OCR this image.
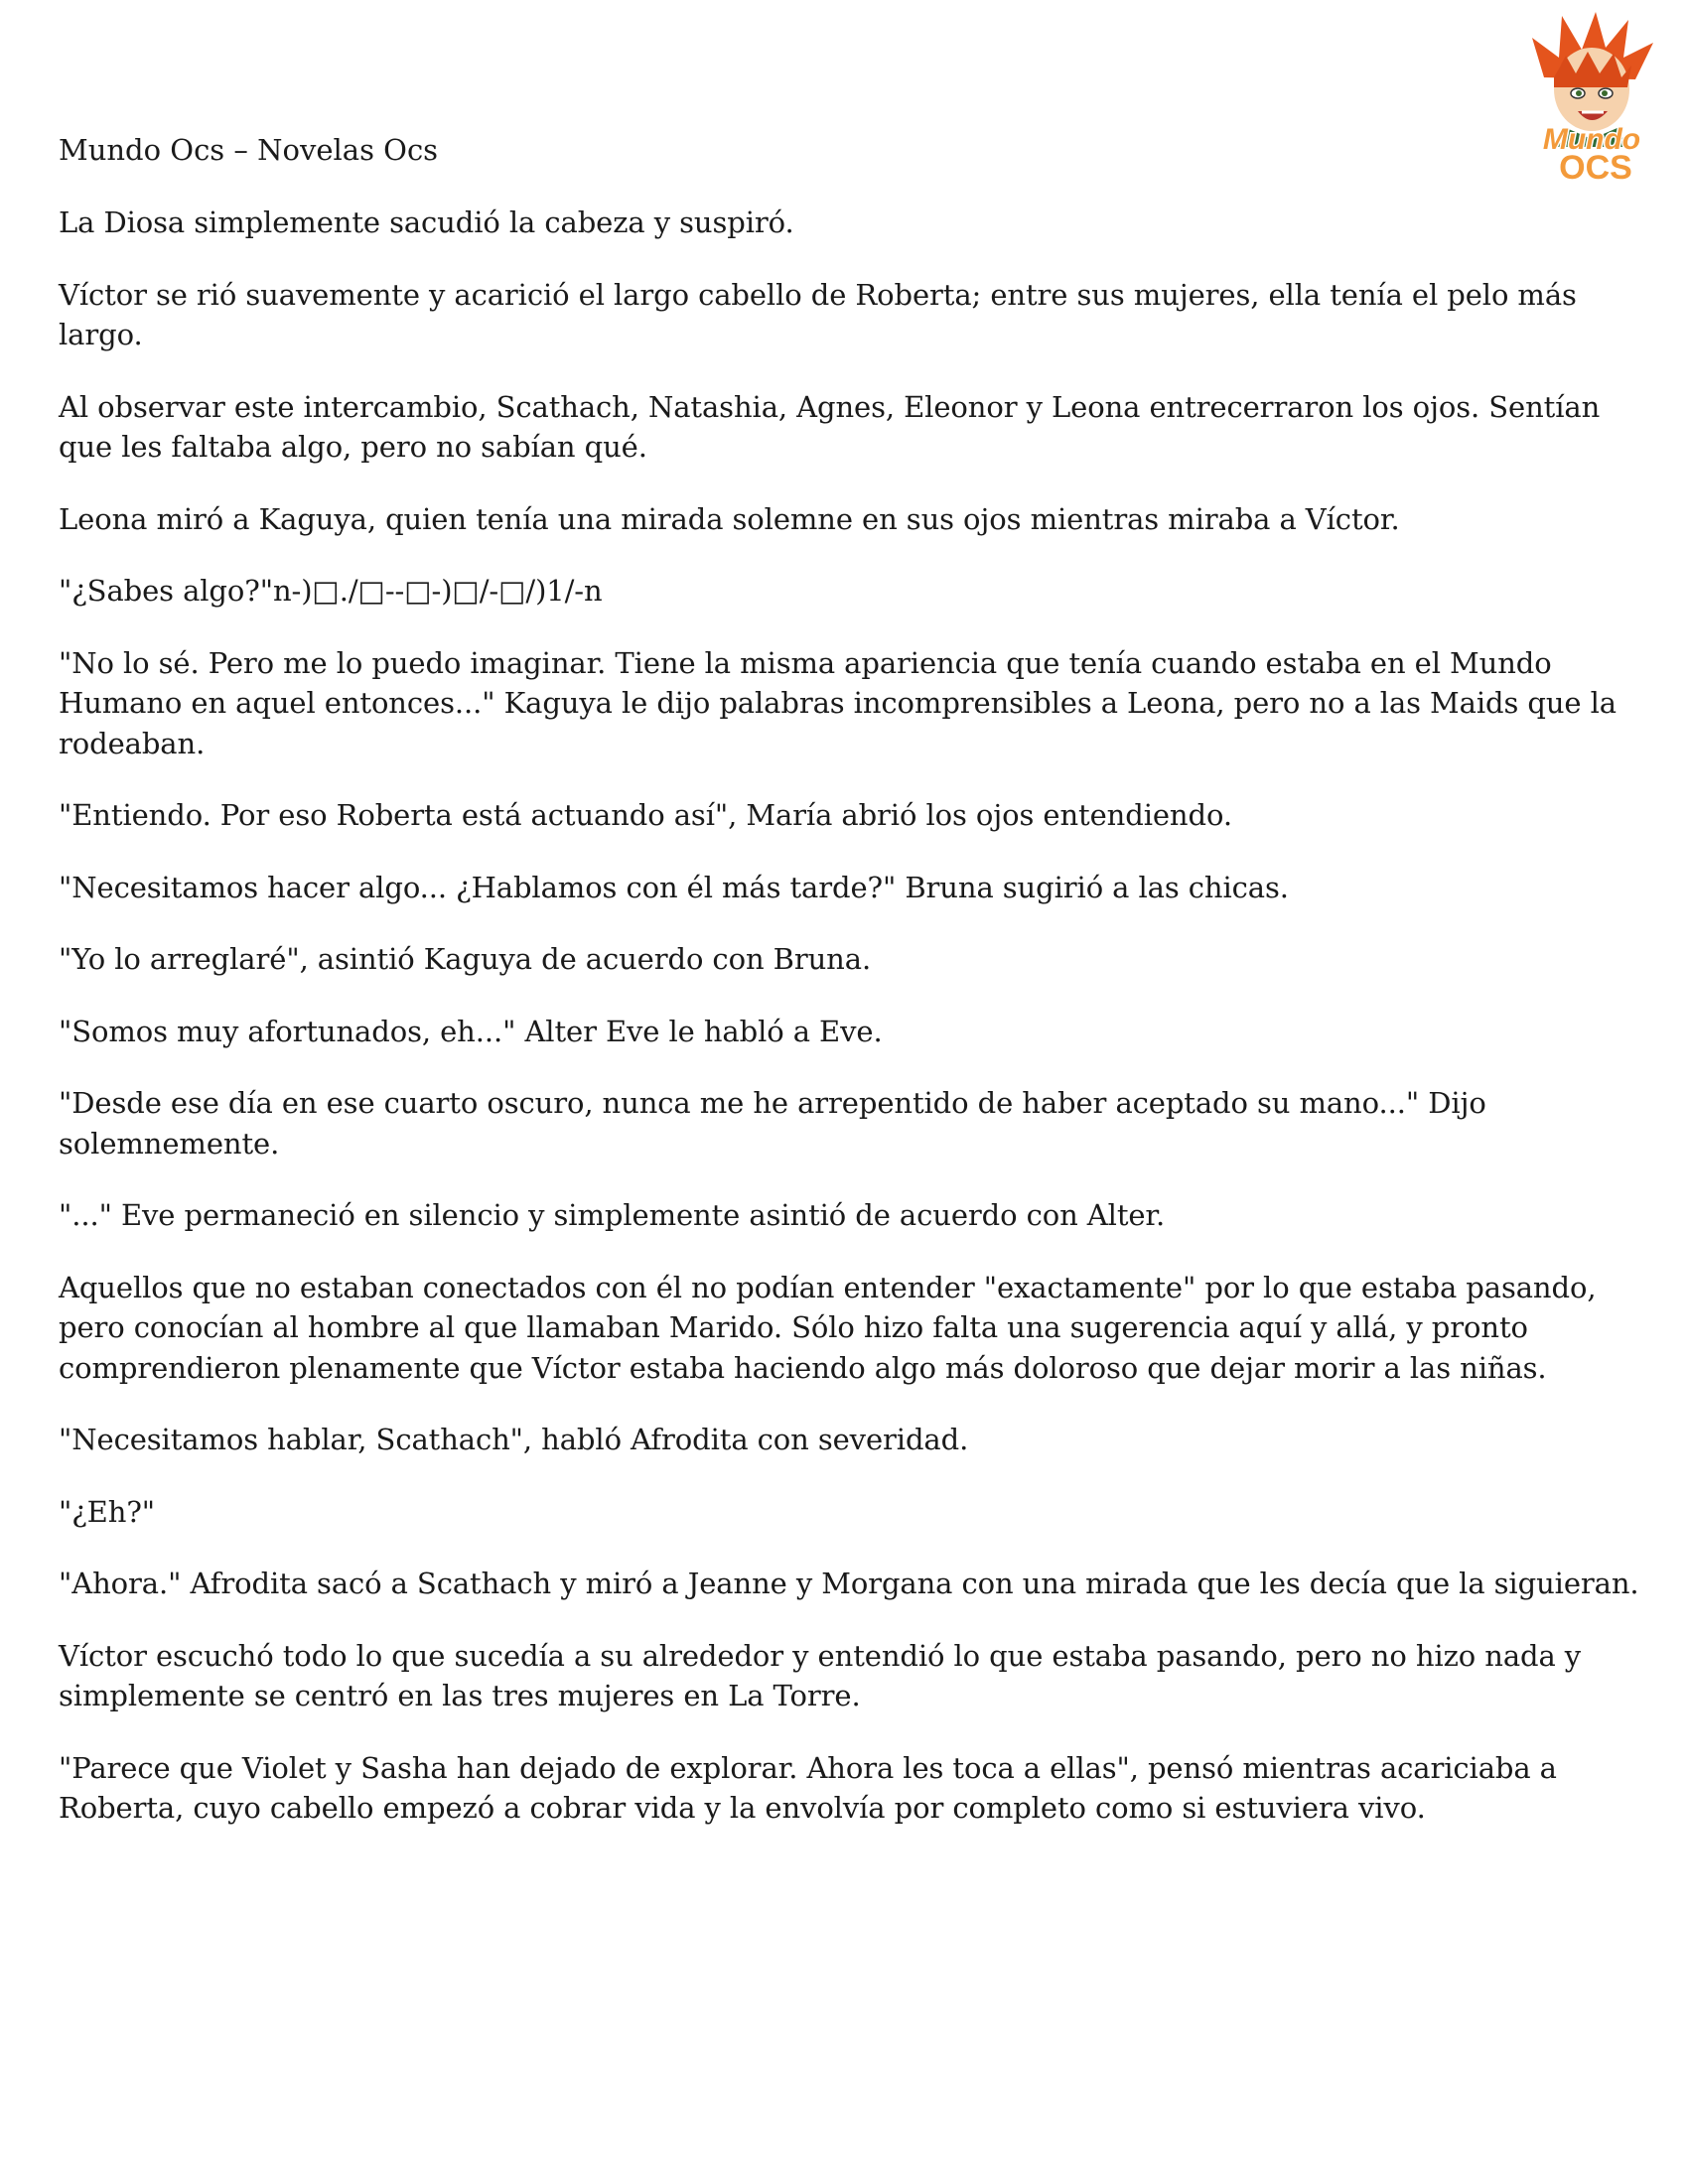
Mundo
OCS
Mundo Ocs – Novelas Ocs

La Diosa simplemente sacudió la cabeza y suspiró.

Víctor se rió suavemente y acarició el largo cabello de Roberta; entre sus mujeres, ella tenía el pelo más largo.

Al observar este intercambio, Scathach, Natashia, Agnes, Eleonor y Leona entrecerraron los ojos. Sentían que les faltaba algo, pero no sabían qué.

Leona miró a Kaguya, quien tenía una mirada solemne en sus ojos mientras miraba a Víctor.

"¿Sabes algo?"n-)□./□--□-)□/-□/)1/-n

"No lo sé. Pero me lo puedo imaginar. Tiene la misma apariencia que tenía cuando estaba en el Mundo Humano en aquel entonces..." Kaguya le dijo palabras incomprensibles a Leona, pero no a las Maids que la rodeaban.

"Entiendo. Por eso Roberta está actuando así", María abrió los ojos entendiendo.

"Necesitamos hacer algo... ¿Hablamos con él más tarde?" Bruna sugirió a las chicas.

"Yo lo arreglaré", asintió Kaguya de acuerdo con Bruna.

"Somos muy afortunados, eh..." Alter Eve le habló a Eve.

"Desde ese día en ese cuarto oscuro, nunca me he arrepentido de haber aceptado su mano..." Dijo solemnemente.

"..." Eve permaneció en silencio y simplemente asintió de acuerdo con Alter.

Aquellos que no estaban conectados con él no podían entender "exactamente" por lo que estaba pasando, pero conocían al hombre al que llamaban Marido. Sólo hizo falta una sugerencia aquí y allá, y pronto comprendieron plenamente que Víctor estaba haciendo algo más doloroso que dejar morir a las niñas.

"Necesitamos hablar, Scathach", habló Afrodita con severidad.

"¿Eh?"

"Ahora." Afrodita sacó a Scathach y miró a Jeanne y Morgana con una mirada que les decía que la siguieran.

Víctor escuchó todo lo que sucedía a su alrededor y entendió lo que estaba pasando, pero no hizo nada y simplemente se centró en las tres mujeres en La Torre.

"Parece que Violet y Sasha han dejado de explorar. Ahora les toca a ellas", pensó mientras acariciaba a Roberta, cuyo cabello empezó a cobrar vida y la envolvía por completo como si estuviera vivo.
